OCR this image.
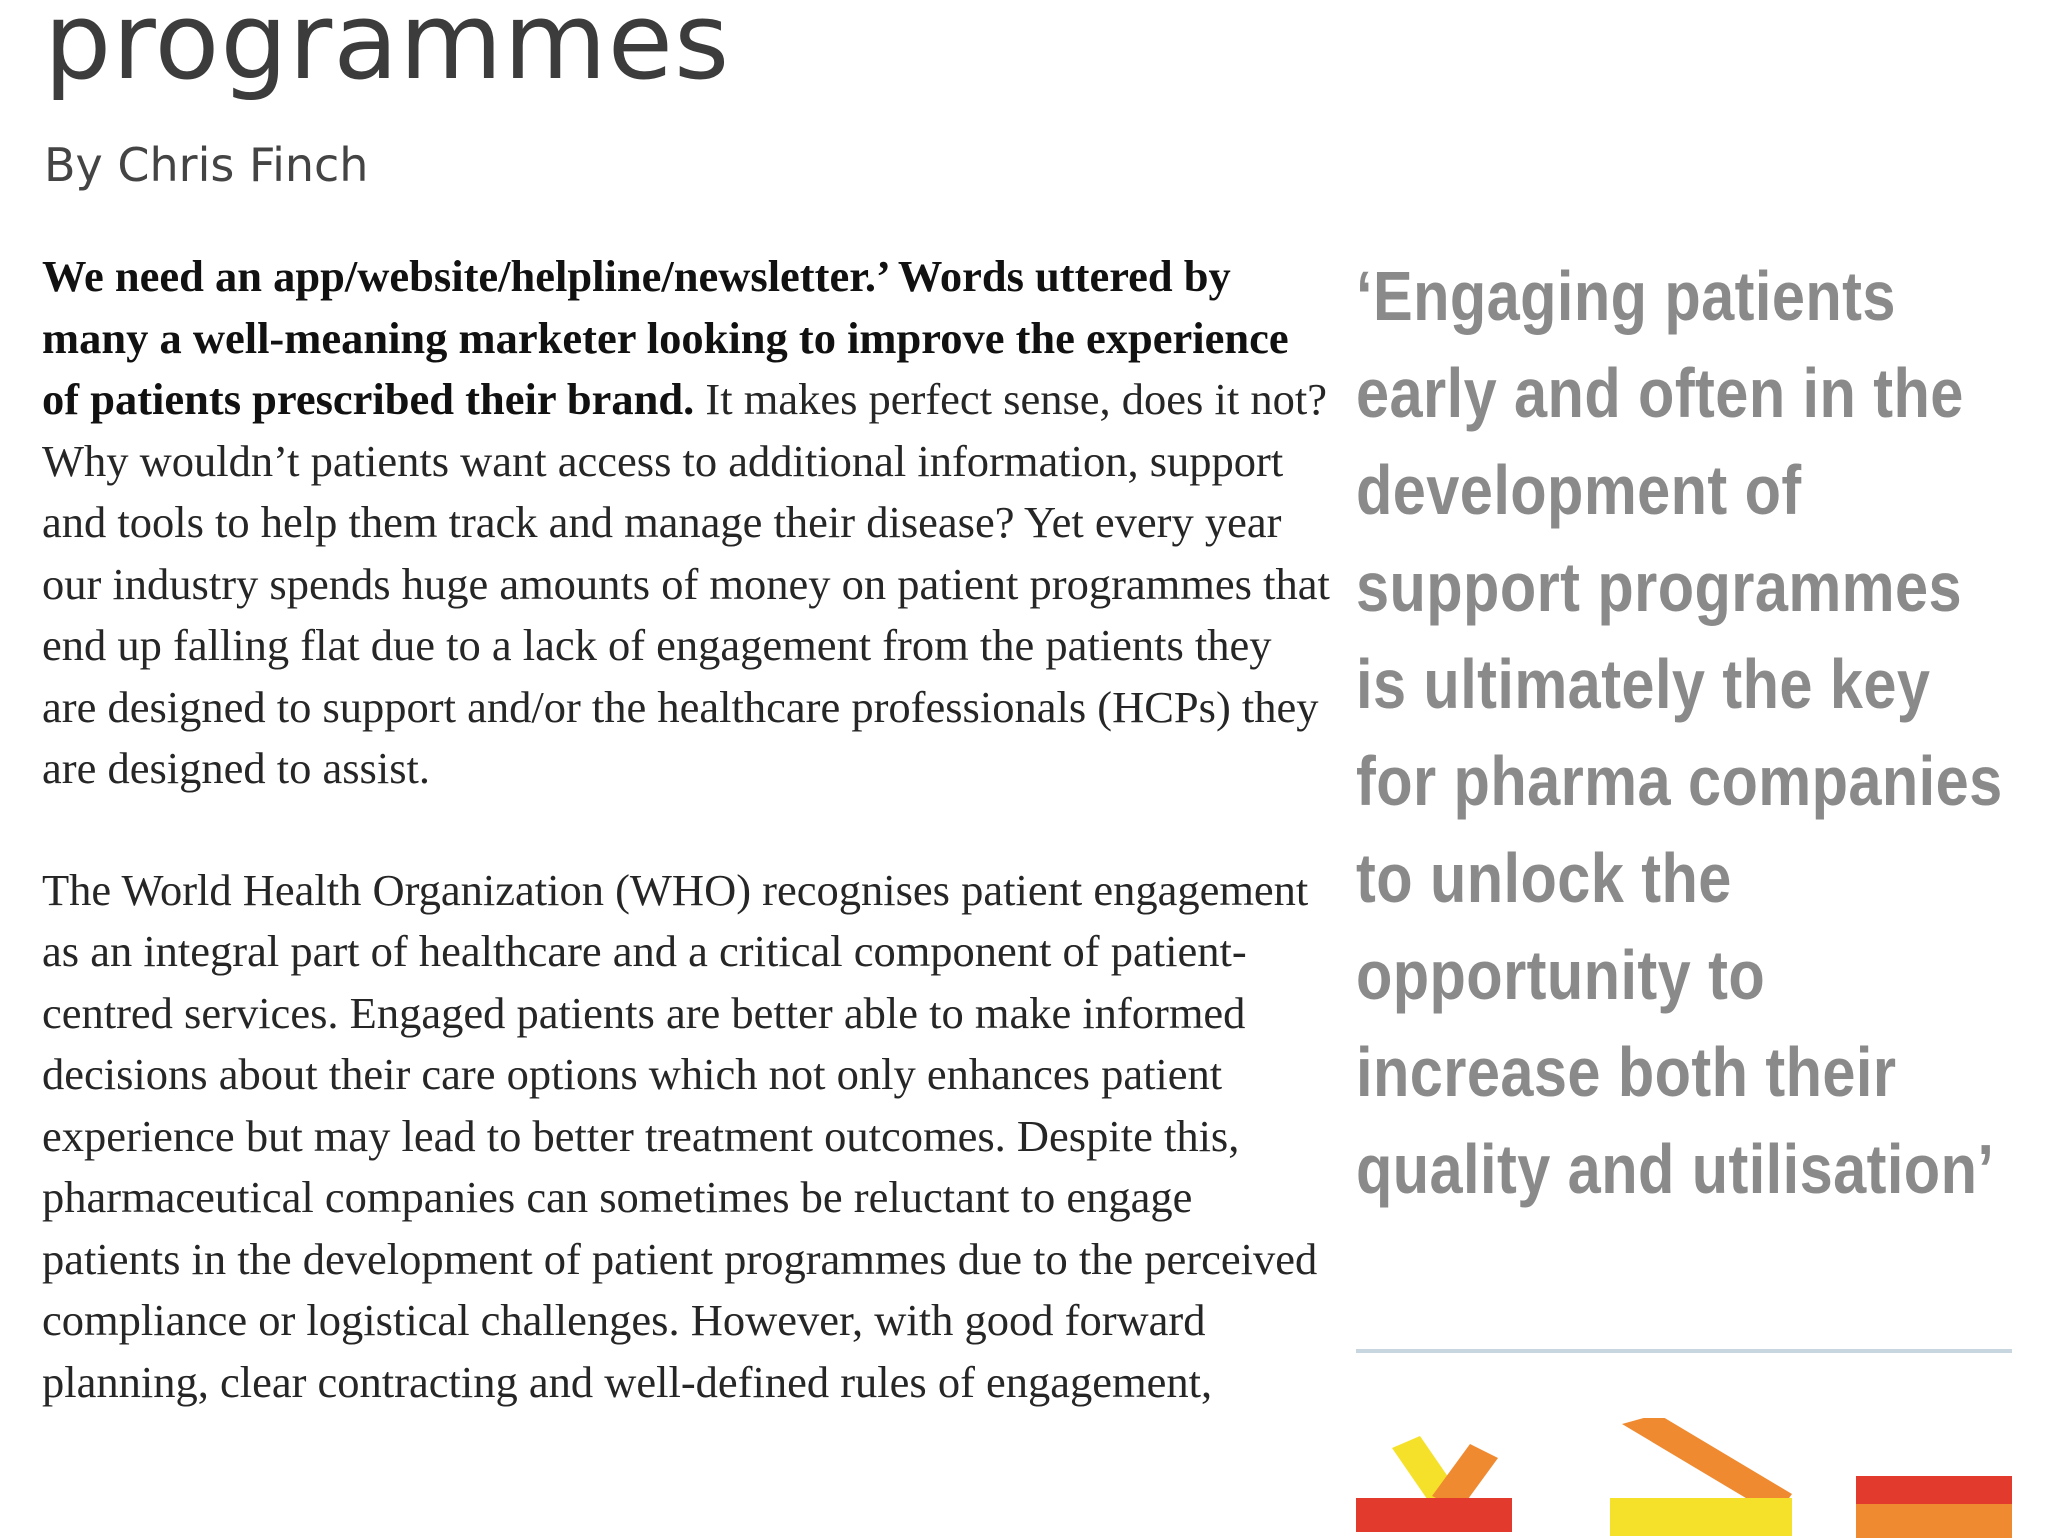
programmes
By Chris Finch

We need an app/website/helpline/newsletter.’ Words uttered by many a well-meaning marketer looking to improve the experience of patients prescribed their brand. It makes perfect sense, does it not? Why wouldn’t patients want access to additional information, support and tools to help them track and manage their disease? Yet every year our industry spends huge amounts of money on patient programmes that end up falling flat due to a lack of engagement from the patients they are designed to support and/or the healthcare professionals (HCPs) they are designed to assist.

The World Health Organization (WHO) recognises patient engagement as an integral part of healthcare and a critical component of patient-centred services. Engaged patients are better able to make informed decisions about their care options which not only enhances patient experience but may lead to better treatment outcomes. Despite this, pharmaceutical companies can sometimes be reluctant to engage patients in the development of patient programmes due to the perceived compliance or logistical challenges. However, with good forward planning, clear contracting and well-defined rules of engagement,

‘Engaging patients early and often in the development of support programmes is ultimately the key for pharma companies to unlock the opportunity to increase both their quality and utilisation’
